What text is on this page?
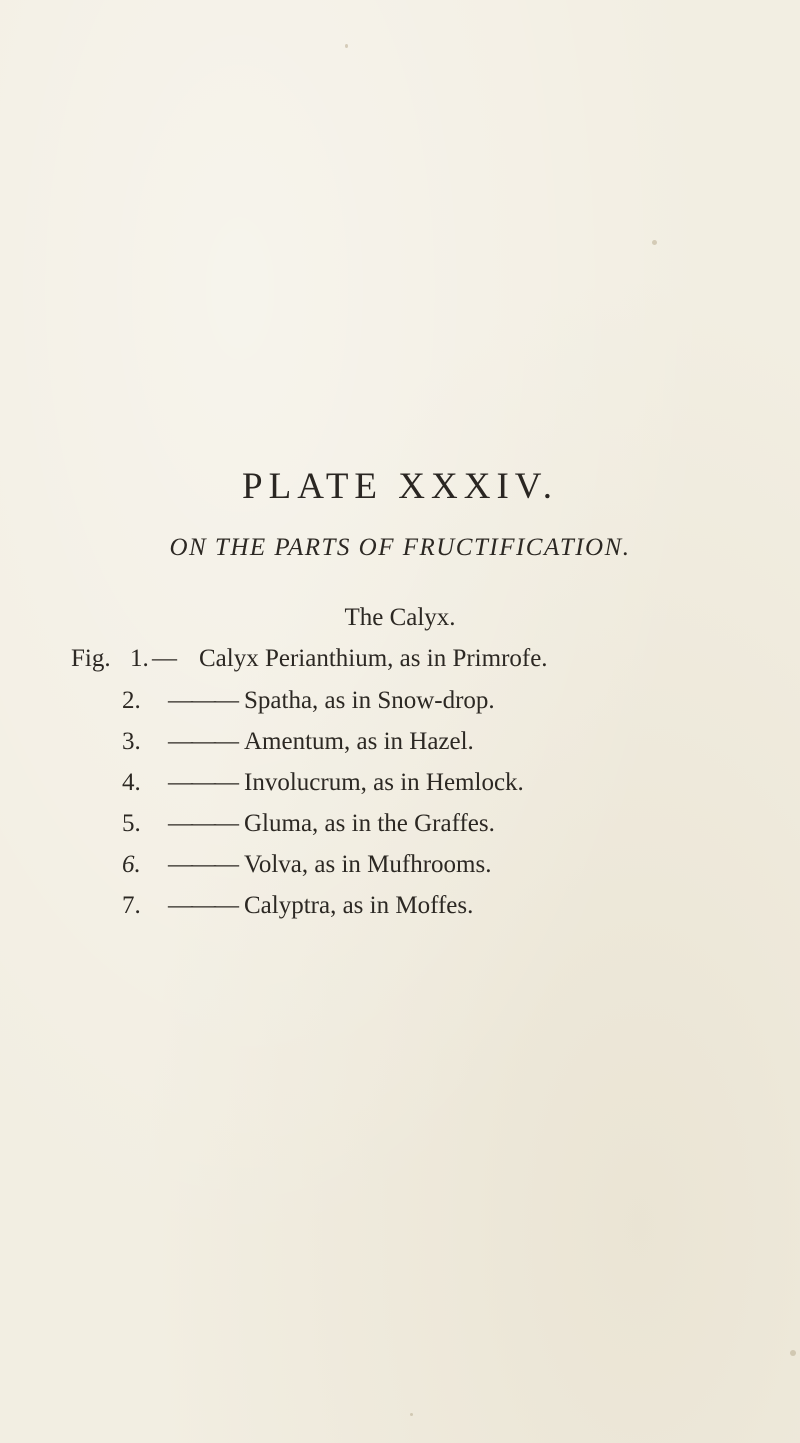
PLATE XXXIV.
ON THE PARTS OF FRUCTIFICATION.
The Calyx.
Fig. 1. — Calyx Perianthium, as in Primrofe.
2. ——— Spatha, as in Snow-drop.
3. ——— Amentum, as in Hazel.
4. ——— Involucrum, as in Hemlock.
5. ——— Gluma, as in the Graffes.
6. ——— Volva, as in Mufhrooms.
7. ——— Calyptra, as in Moffes.
